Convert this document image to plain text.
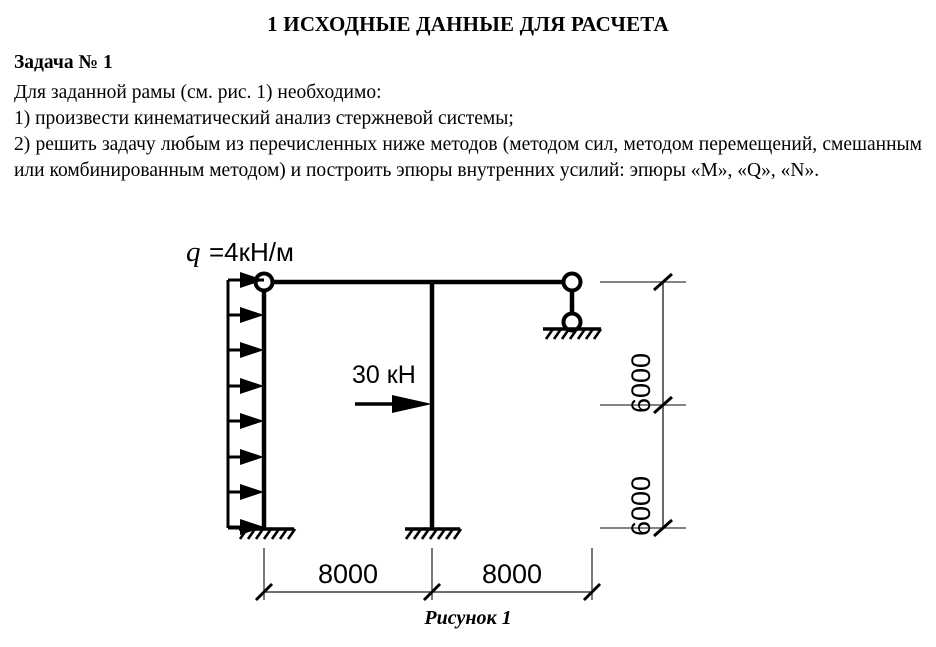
1 ИСХОДНЫЕ ДАННЫЕ ДЛЯ РАСЧЕТА
Задача № 1

Для заданной рамы (см. рис. 1) необходимо:

1) произвести кинематический анализ стержневой системы;

2) решить задачу любым из перечисленных ниже методов (методом сил, методом перемещений, смешанным или комбинированным методом) и построить эпюры внутренних усилий: эпюры «М», «Q», «N».

q =4кН/м
30 кН	6000
6000
8000	8000
Рисунок 1
